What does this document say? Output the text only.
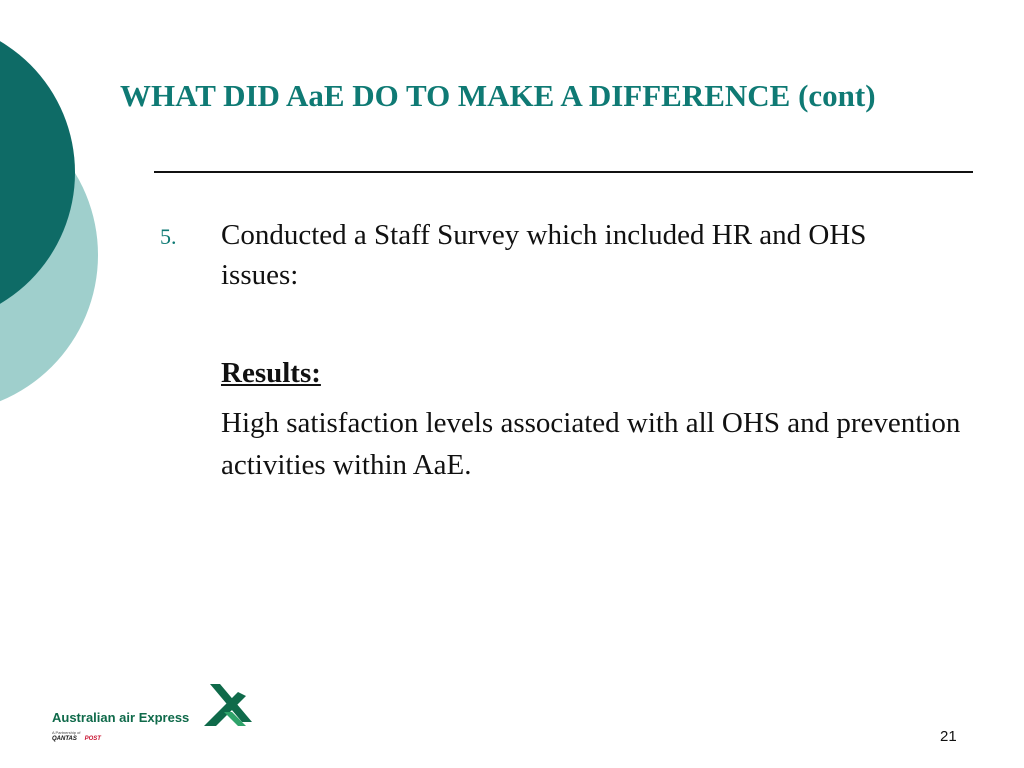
WHAT DID AaE DO TO MAKE A DIFFERENCE (cont)
5. Conducted a Staff Survey which included HR and OHS issues:
Results:
High satisfaction levels associated with all OHS and prevention activities within AaE.
Australian air Express
A Partnership of
QANTAS POST	21
